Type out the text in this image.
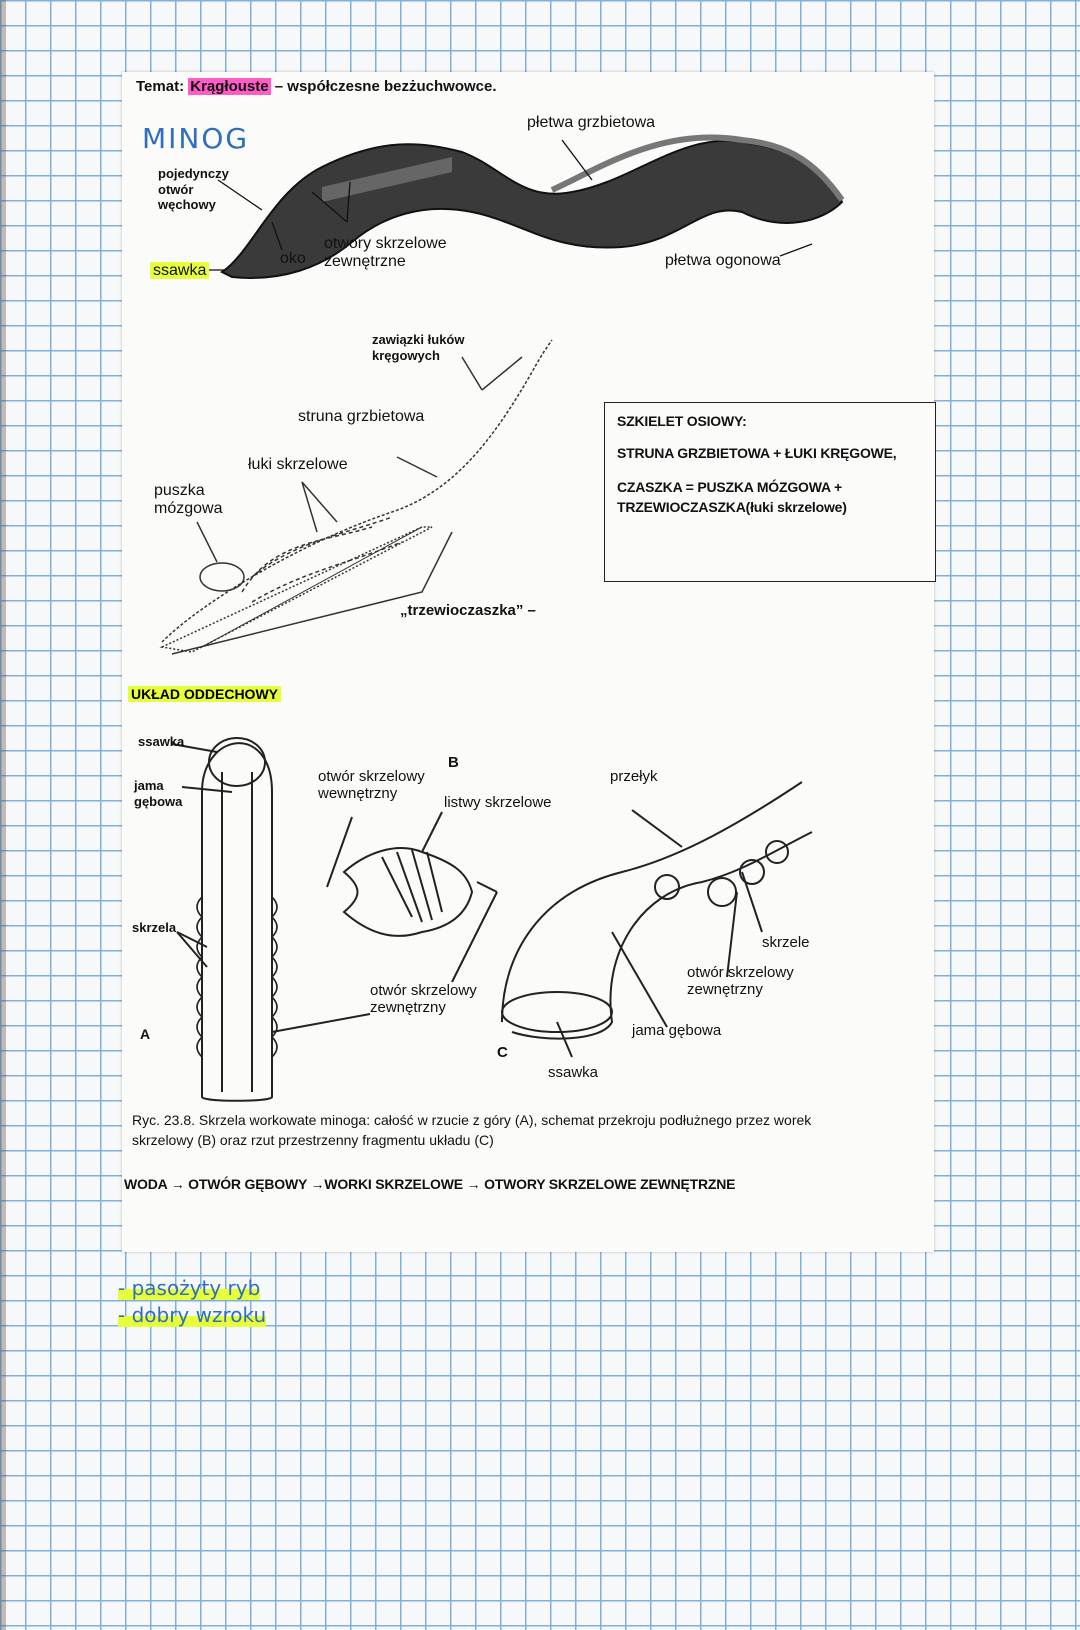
Temat: Krągłouste – współczesne bezżuchwowce.
MINOG
pojedynczy otwór węchowy
ssawka
oko
otwory skrzelowe zewnętrzne
płetwa grzbietowa
płetwa ogonowa
zawiązki łuków kręgowych
struna grzbietowa
łuki skrzelowe
puszka mózgowa
„trzewioczaszka” –
SZKIELET OSIOWY:
STRUNA GRZBIETOWA + ŁUKI KRĘGOWE,
CZASZKA = PUSZKA MÓZGOWA +
TRZEWIOCZASZKA(łuki skrzelowe)
UKŁAD ODDECHOWY
ssawka
jama gębowa
skrzela
A
B
otwór skrzelowy wewnętrzny
listwy skrzelowe
otwór skrzelowy zewnętrzny
C
przełyk
skrzele
otwór skrzelowy zewnętrzny
jama gębowa
ssawka
Ryc. 23.8. Skrzela workowate minoga: całość w rzucie z góry (A), schemat przekroju podłużnego przez worek skrzelowy (B) oraz rzut przestrzenny fragmentu układu (C)
WODA → OTWÓR GĘBOWY →WORKI SKRZELOWE → OTWORY SKRZELOWE ZEWNĘTRZNE
- pasożyty ryb
- dobry wzroku
